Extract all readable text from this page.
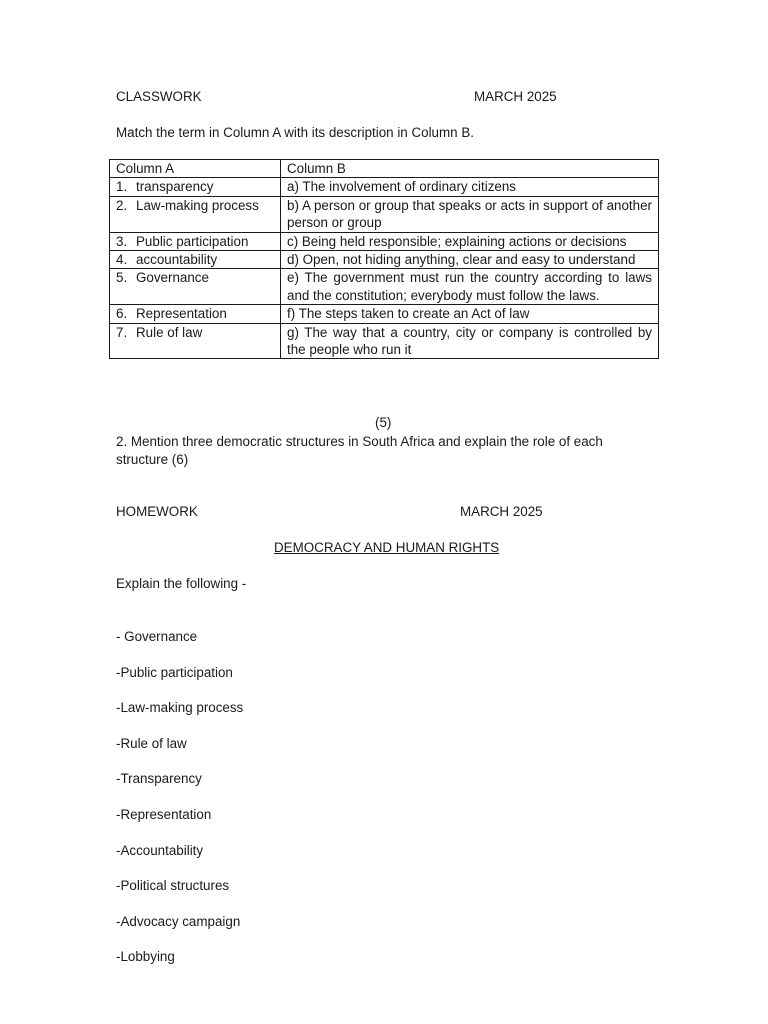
CLASSWORK	MARCH 2025
Match the term in Column A with its description in Column B.
Column A	Column B
1. transparency	a) The involvement of ordinary citizens
2. Law-making process	b) A person or group that speaks or acts in support of another person or group
3. Public participation	c) Being held responsible; explaining actions or decisions
4. accountability	d) Open, not hiding anything, clear and easy to understand
5. Governance	e) The government must run the country according to laws and the constitution; everybody must follow the laws.
6. Representation	f) The steps taken to create an Act of law
7. Rule of law	g) The way that a country, city or company is controlled by the people who run it
(5)
2. Mention three democratic structures in South Africa and explain the role of each structure (6)
HOMEWORK	MARCH 2025
DEMOCRACY AND HUMAN RIGHTS
Explain the following -
- Governance
-Public participation
-Law-making process
-Rule of law
-Transparency
-Representation
-Accountability
-Political structures
-Advocacy campaign
-Lobbying
